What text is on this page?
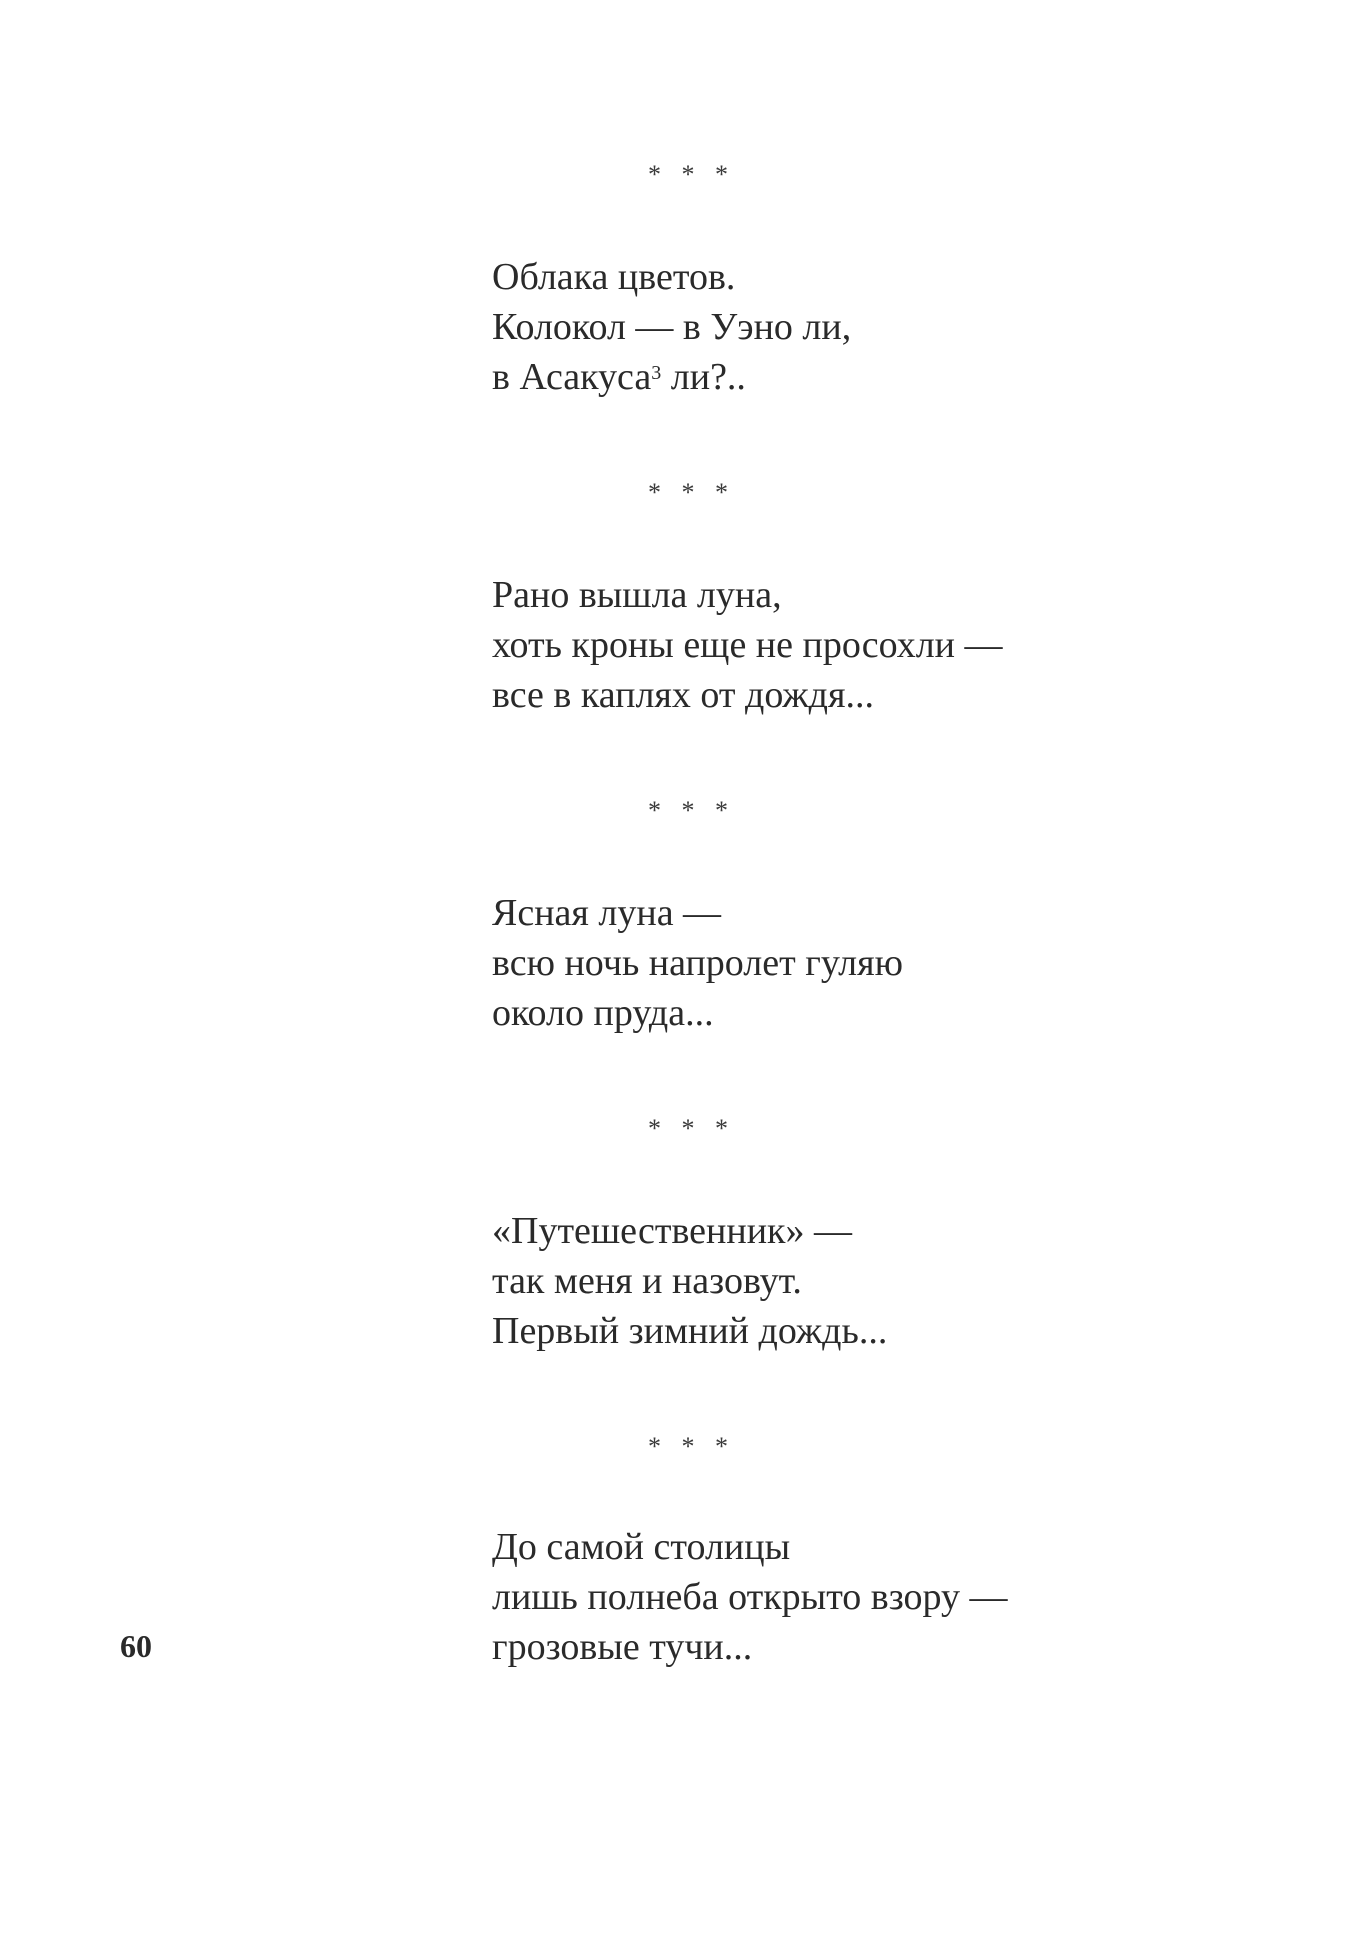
* * *
Облака цветов.
Колокол — в Уэно ли,
в Асакуса$^3$ ли?..
* * *
Рано вышла луна,
хоть кроны еще не просохли —
все в каплях от дождя...
* * *
Ясная луна —
всю ночь напролет гуляю
около пруда...
* * *
«Путешественник» —
так меня и назовут.
Первый зимний дождь...
* * *
До самой столицы
лишь полнеба открыто взору —
грозовые тучи...
60
